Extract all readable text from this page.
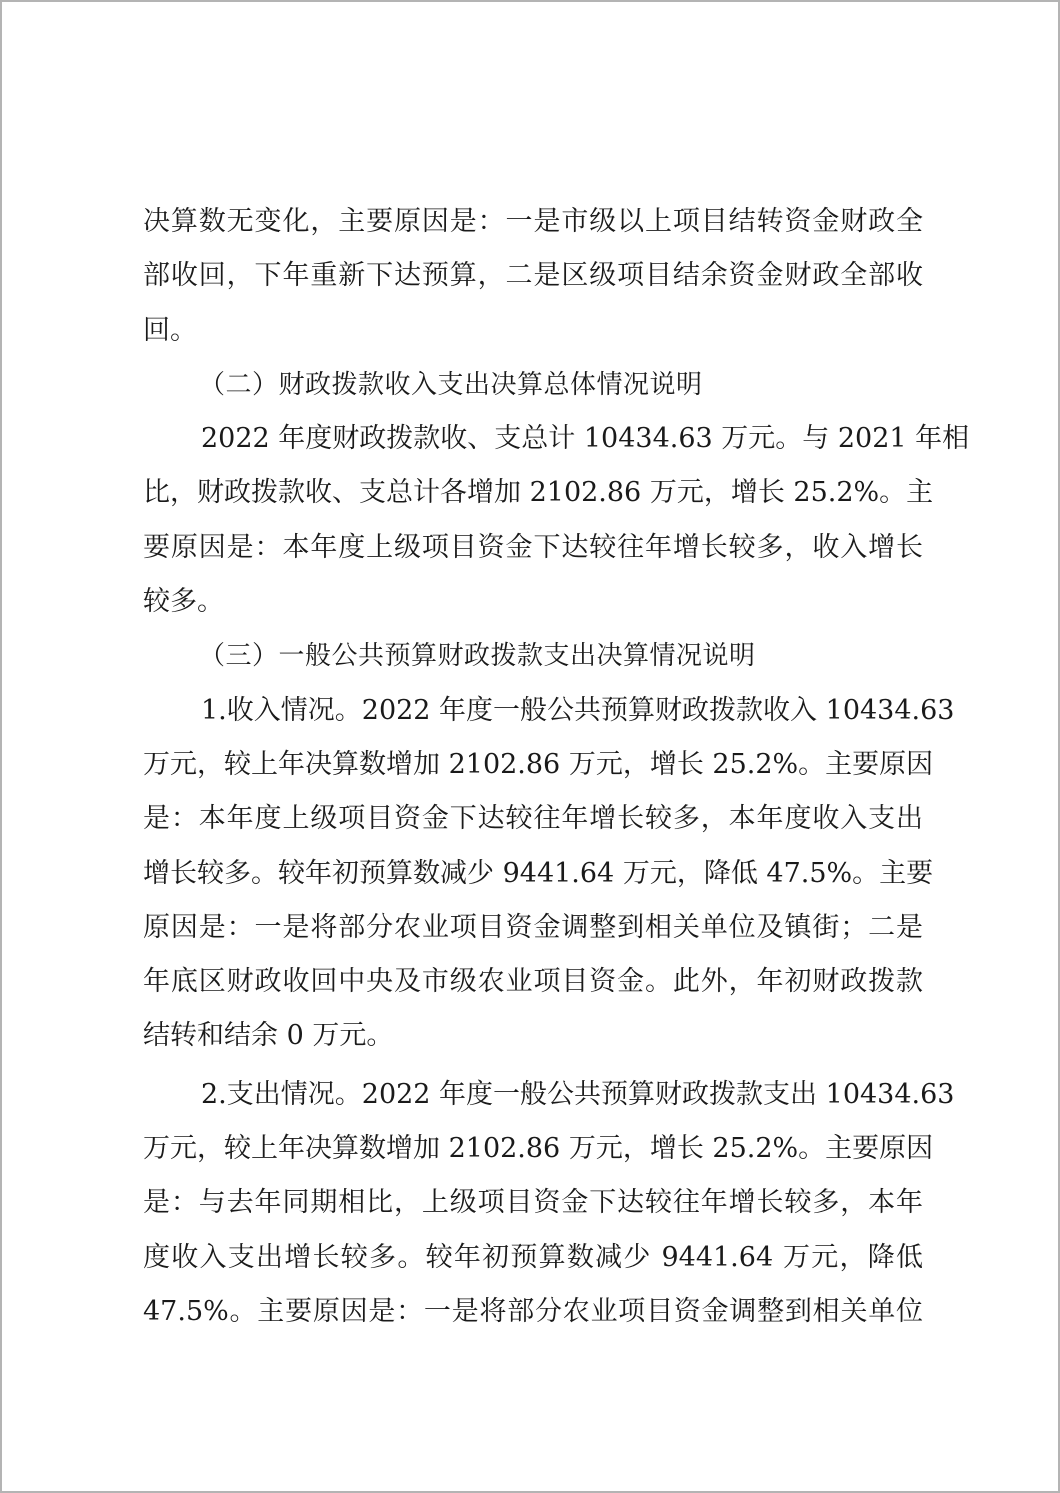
决算数无变化，主要原因是：一是市级以上项目结转资金财政全
部收回，下年重新下达预算，二是区级项目结余资金财政全部收
回。
（二）财政拨款收入支出决算总体情况说明
2022 年度财政拨款收、支总计 10434.63 万元。与 2021 年相
比，财政拨款收、支总计各增加 2102.86 万元，增长 25.2%。主
要原因是：本年度上级项目资金下达较往年增长较多，收入增长
较多。
（三）一般公共预算财政拨款支出决算情况说明
1.收入情况。2022 年度一般公共预算财政拨款收入 10434.63
万元，较上年决算数增加 2102.86 万元，增长 25.2%。主要原因
是：本年度上级项目资金下达较往年增长较多，本年度收入支出
增长较多。较年初预算数减少 9441.64 万元，降低 47.5%。主要
原因是：一是将部分农业项目资金调整到相关单位及镇街；二是
年底区财政收回中央及市级农业项目资金。此外，年初财政拨款
结转和结余 0 万元。
2.支出情况。2022 年度一般公共预算财政拨款支出 10434.63
万元，较上年决算数增加 2102.86 万元，增长 25.2%。主要原因
是：与去年同期相比，上级项目资金下达较往年增长较多，本年
度收入支出增长较多。较年初预算数减少 9441.64 万元，降低
47.5%。主要原因是：一是将部分农业项目资金调整到相关单位
